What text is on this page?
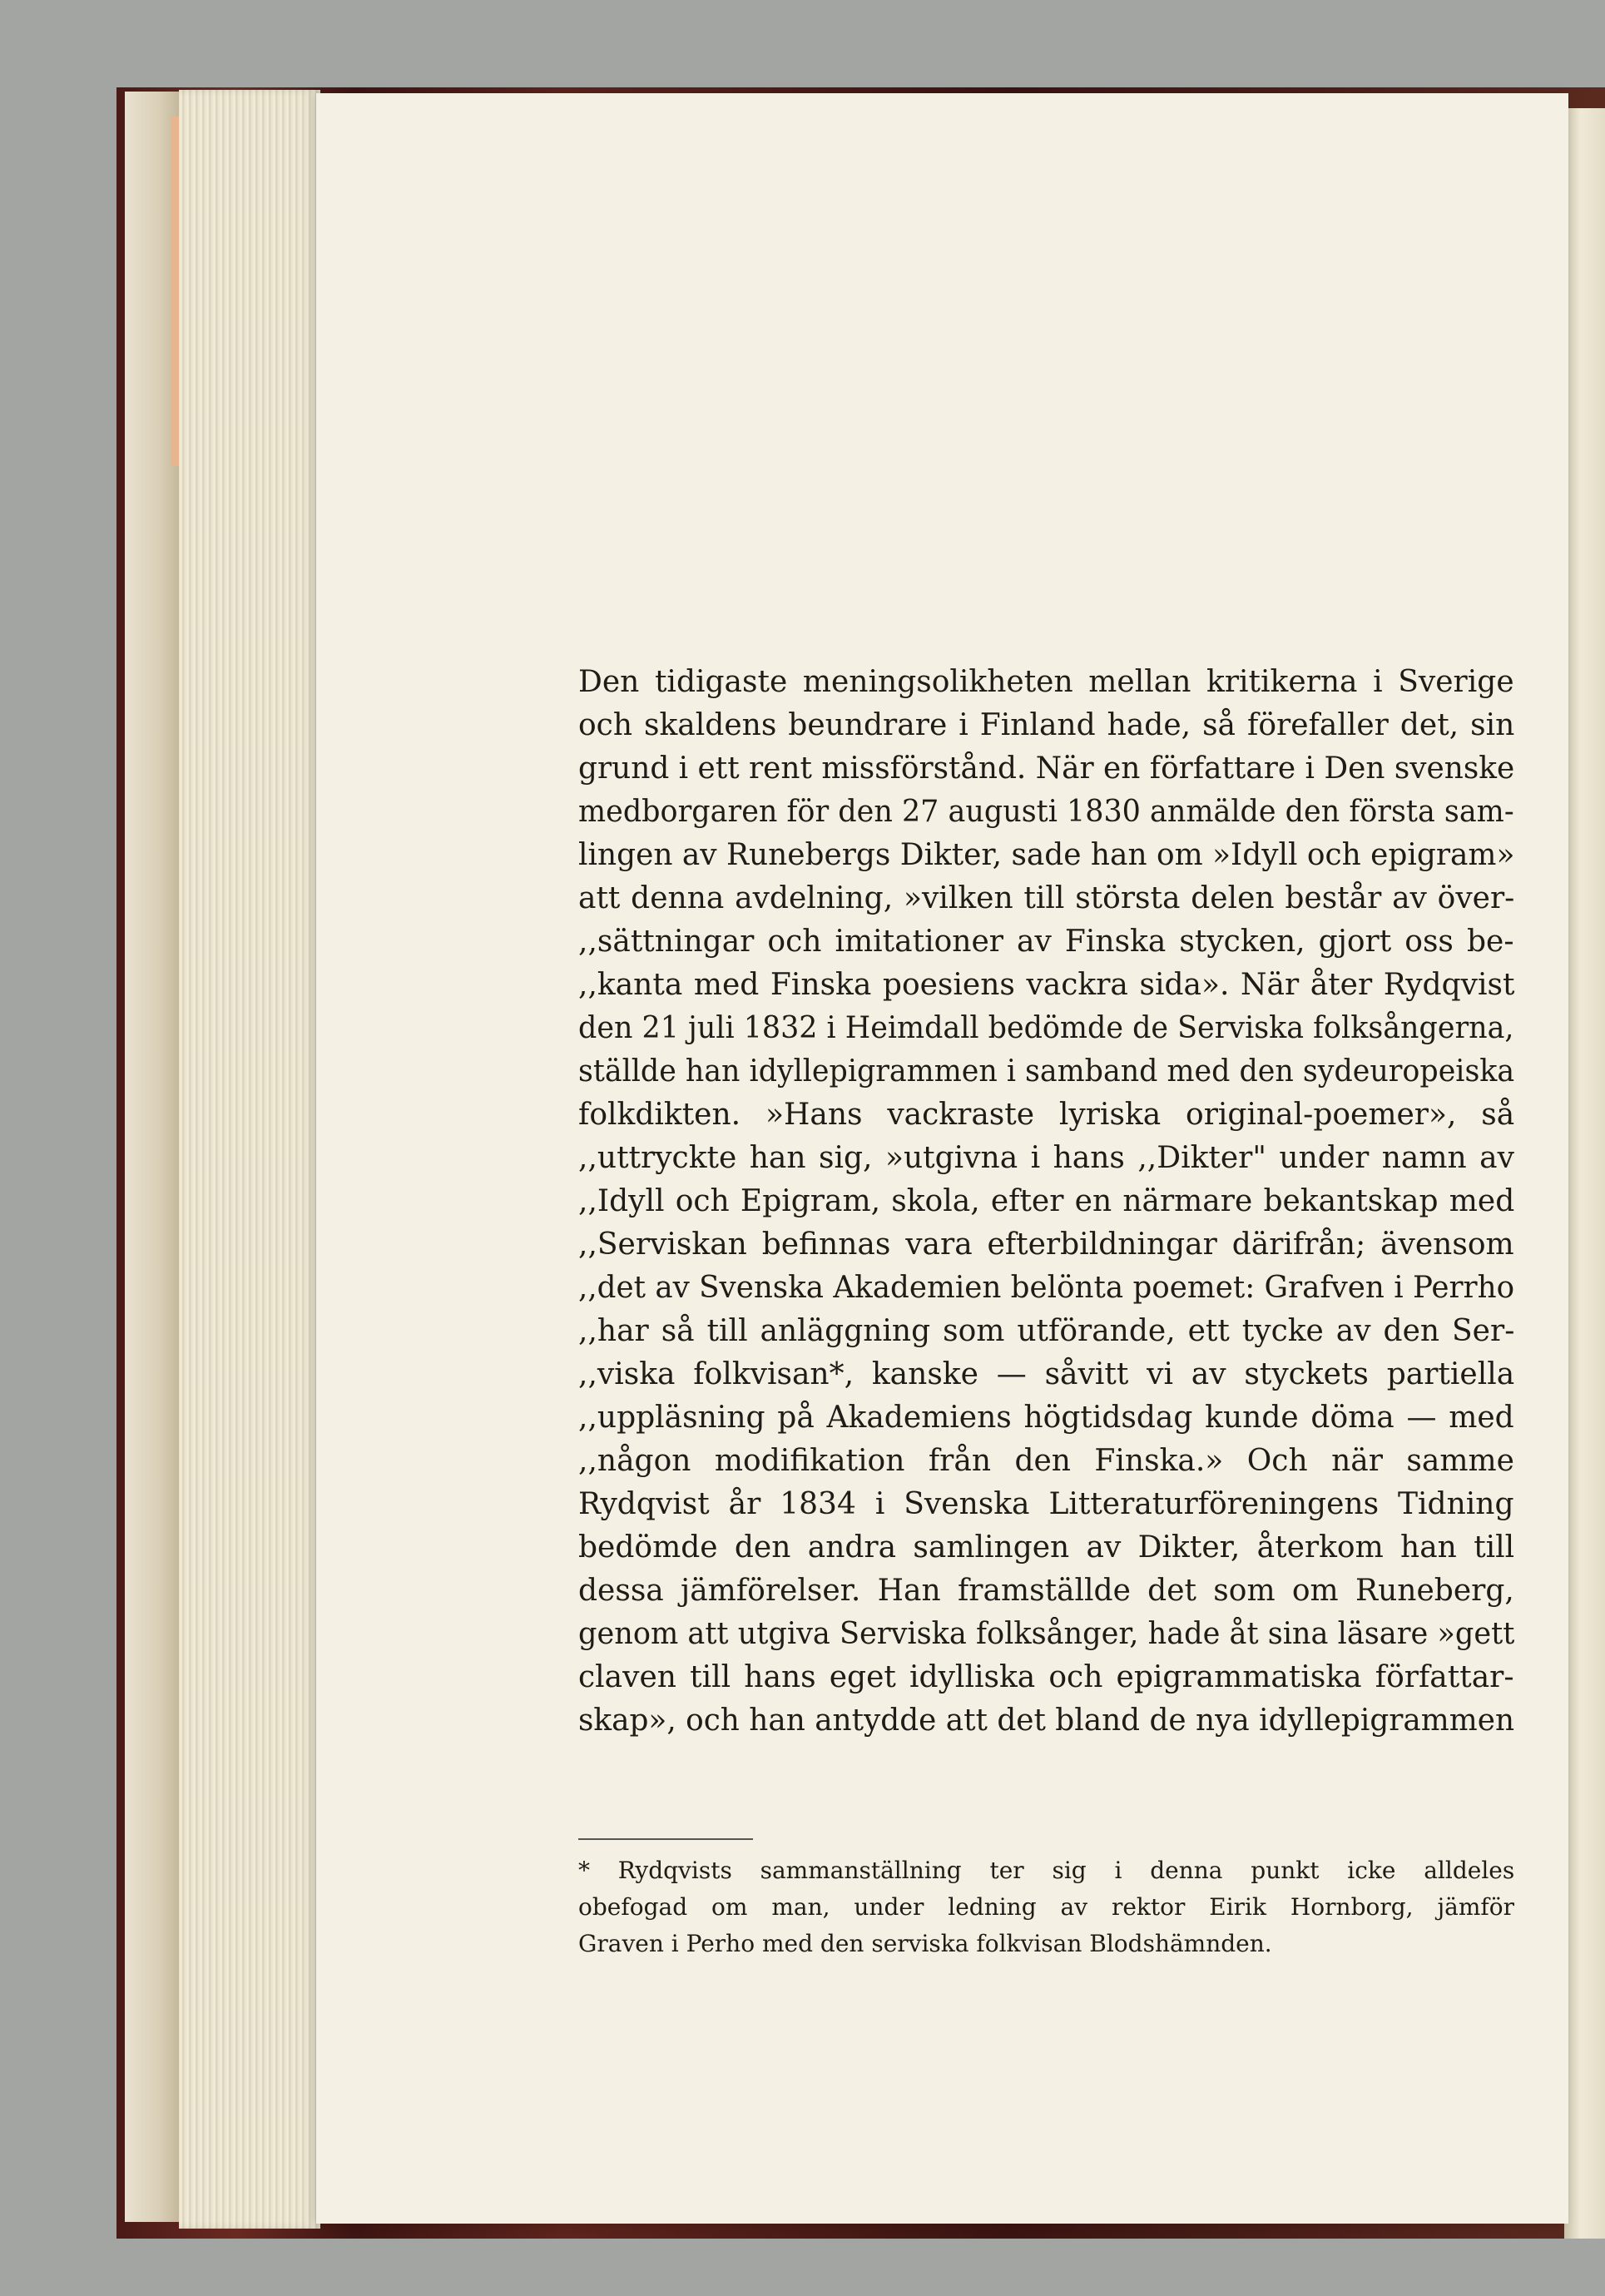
Den tidigaste meningsolikheten mellan kritikerna i Sverige
och skaldens beundrare i Finland hade, så förefaller det, sin
grund i ett rent missförstånd. När en författare i Den svenske
medborgaren för den 27 augusti 1830 anmälde den första sam-
lingen av Runebergs Dikter, sade han om »Idyll och epigram»
att denna avdelning, »vilken till största delen består av över-
,,sättningar och imitationer av Finska stycken, gjort oss be-
,,kanta med Finska poesiens vackra sida». När åter Rydqvist
den 21 juli 1832 i Heimdall bedömde de Serviska folksångerna,
ställde han idyllepigrammen i samband med den sydeuropeiska
folkdikten. »Hans vackraste lyriska original-poemer», så
,,uttryckte han sig, »utgivna i hans ,,Dikter" under namn av
,,Idyll och Epigram, skola, efter en närmare bekantskap med
,,Serviskan befinnas vara efterbildningar därifrån; ävensom
,,det av Svenska Akademien belönta poemet: Grafven i Perrho
,,har så till anläggning som utförande, ett tycke av den Ser-
,,viska folkvisan*, kanske — såvitt vi av styckets partiella
,,uppläsning på Akademiens högtidsdag kunde döma — med
,,någon modifikation från den Finska.» Och när samme
Rydqvist år 1834 i Svenska Litteraturföreningens Tidning
bedömde den andra samlingen av Dikter, återkom han till
dessa jämförelser. Han framställde det som om Runeberg,
genom att utgiva Serviska folksånger, hade åt sina läsare »gett
claven till hans eget idylliska och epigrammatiska författar-
skap», och han antydde att det bland de nya idyllepigrammen
* Rydqvists sammanställning ter sig i denna punkt icke alldeles
obefogad om man, under ledning av rektor Eirik Hornborg, jämför
Graven i Perho med den serviska folkvisan Blodshämnden.
